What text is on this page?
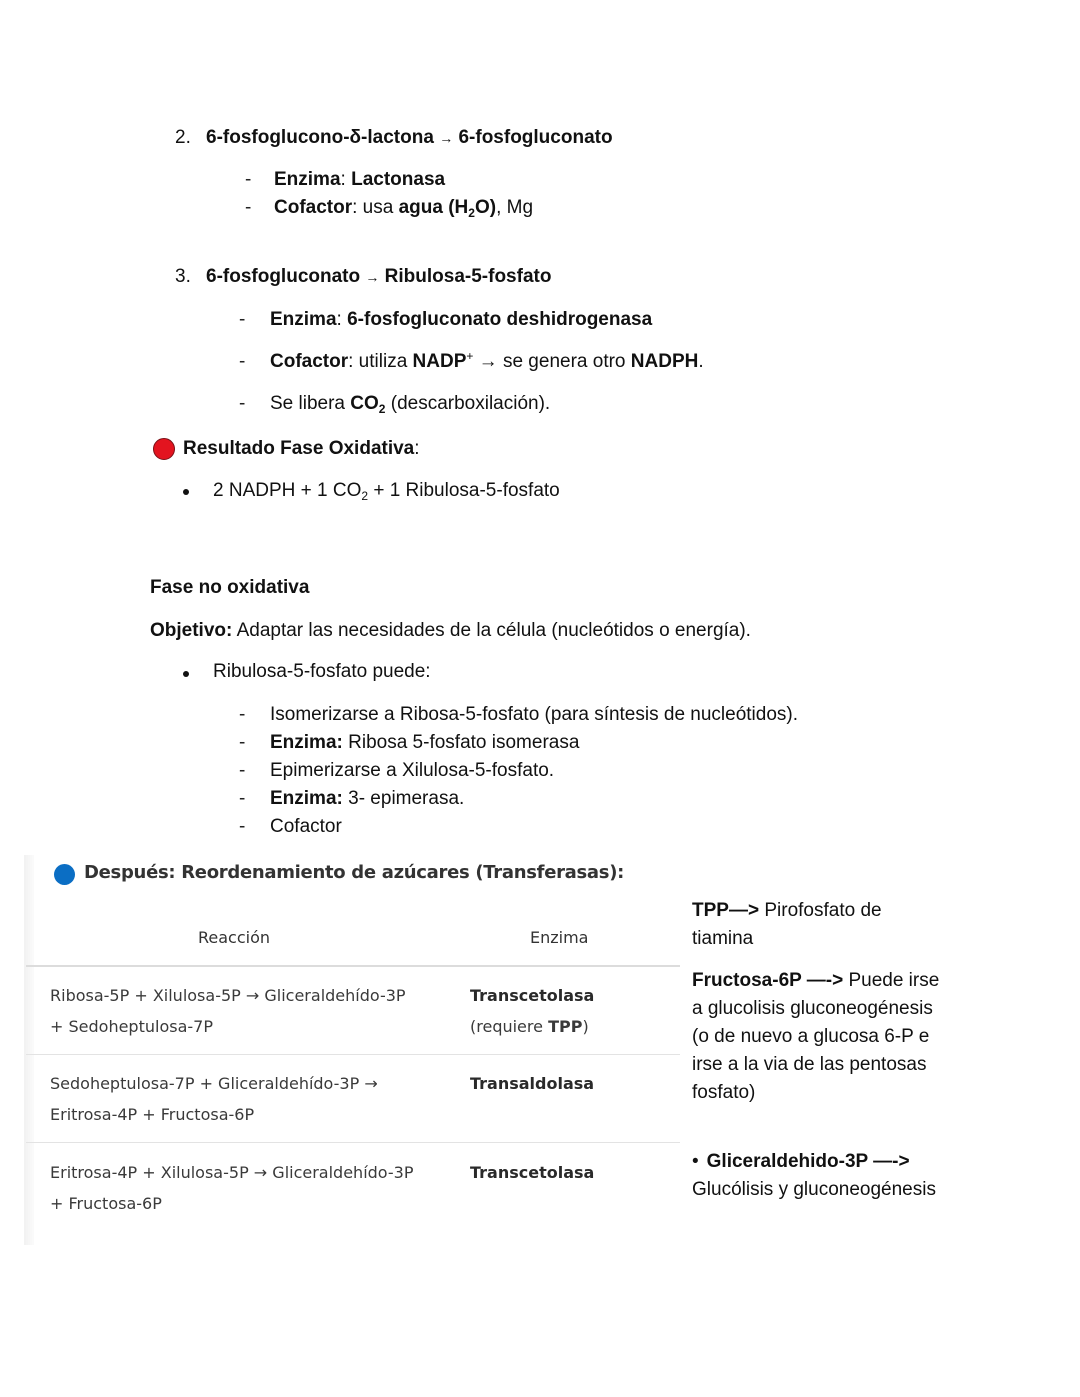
2. 6-fosfoglucono-δ-lactona → 6-fosfogluconato
- Enzima: Lactonasa
- Cofactor: usa agua $(H_2O)$, Mg
3. 6-fosfogluconato → Ribulosa-5-fosfato
- Enzima: 6-fosfogluconato deshidrogenasa
- Cofactor: utiliza NADP+ → se genera otro NADPH.
- Se libera $CO_2$ (descarboxilación).
Resultado Fase Oxidativa:
2 NADPH + 1 $CO_2 + 1$ Ribulosa-5-fosfato
Fase no oxidativa
Objetivo: Adaptar las necesidades de la célula (nucleótidos o energía).
Ribulosa-5-fosfato puede:
- Isomerizarse a Ribosa-5-fosfato (para síntesis de nucleótidos).
- Enzima: Ribosa 5-fosfato isomerasa
- Epimerizarse a Xilulosa-5-fosfato.
- Enzima: 3- epimerasa.
- Cofactor
Después: Reordenamiento de azúcares (Transferasas):
Reacción	Enzima
Ribosa-5P + Xilulosa-5P → Gliceraldehído-3P
+ Sedoheptulosa-7P
Transcetolasa
(requiere TPP)
Sedoheptulosa-7P + Gliceraldehído-3P →
Eritrosa-4P + Fructosa-6P
Transaldolasa
Eritrosa-4P + Xilulosa-5P → Gliceraldehído-3P
+ Fructosa-6P
Transcetolasa
TPP—> Pirofosfato de tiamina
Fructosa-6P —-> Puede irse a glucolisis gluconeogénesis (o de nuevo a glucosa 6-P e irse a la via de las pentosas fosfato)
• Gliceraldehido-3P —-> Glucólisis y gluconeogénesis
